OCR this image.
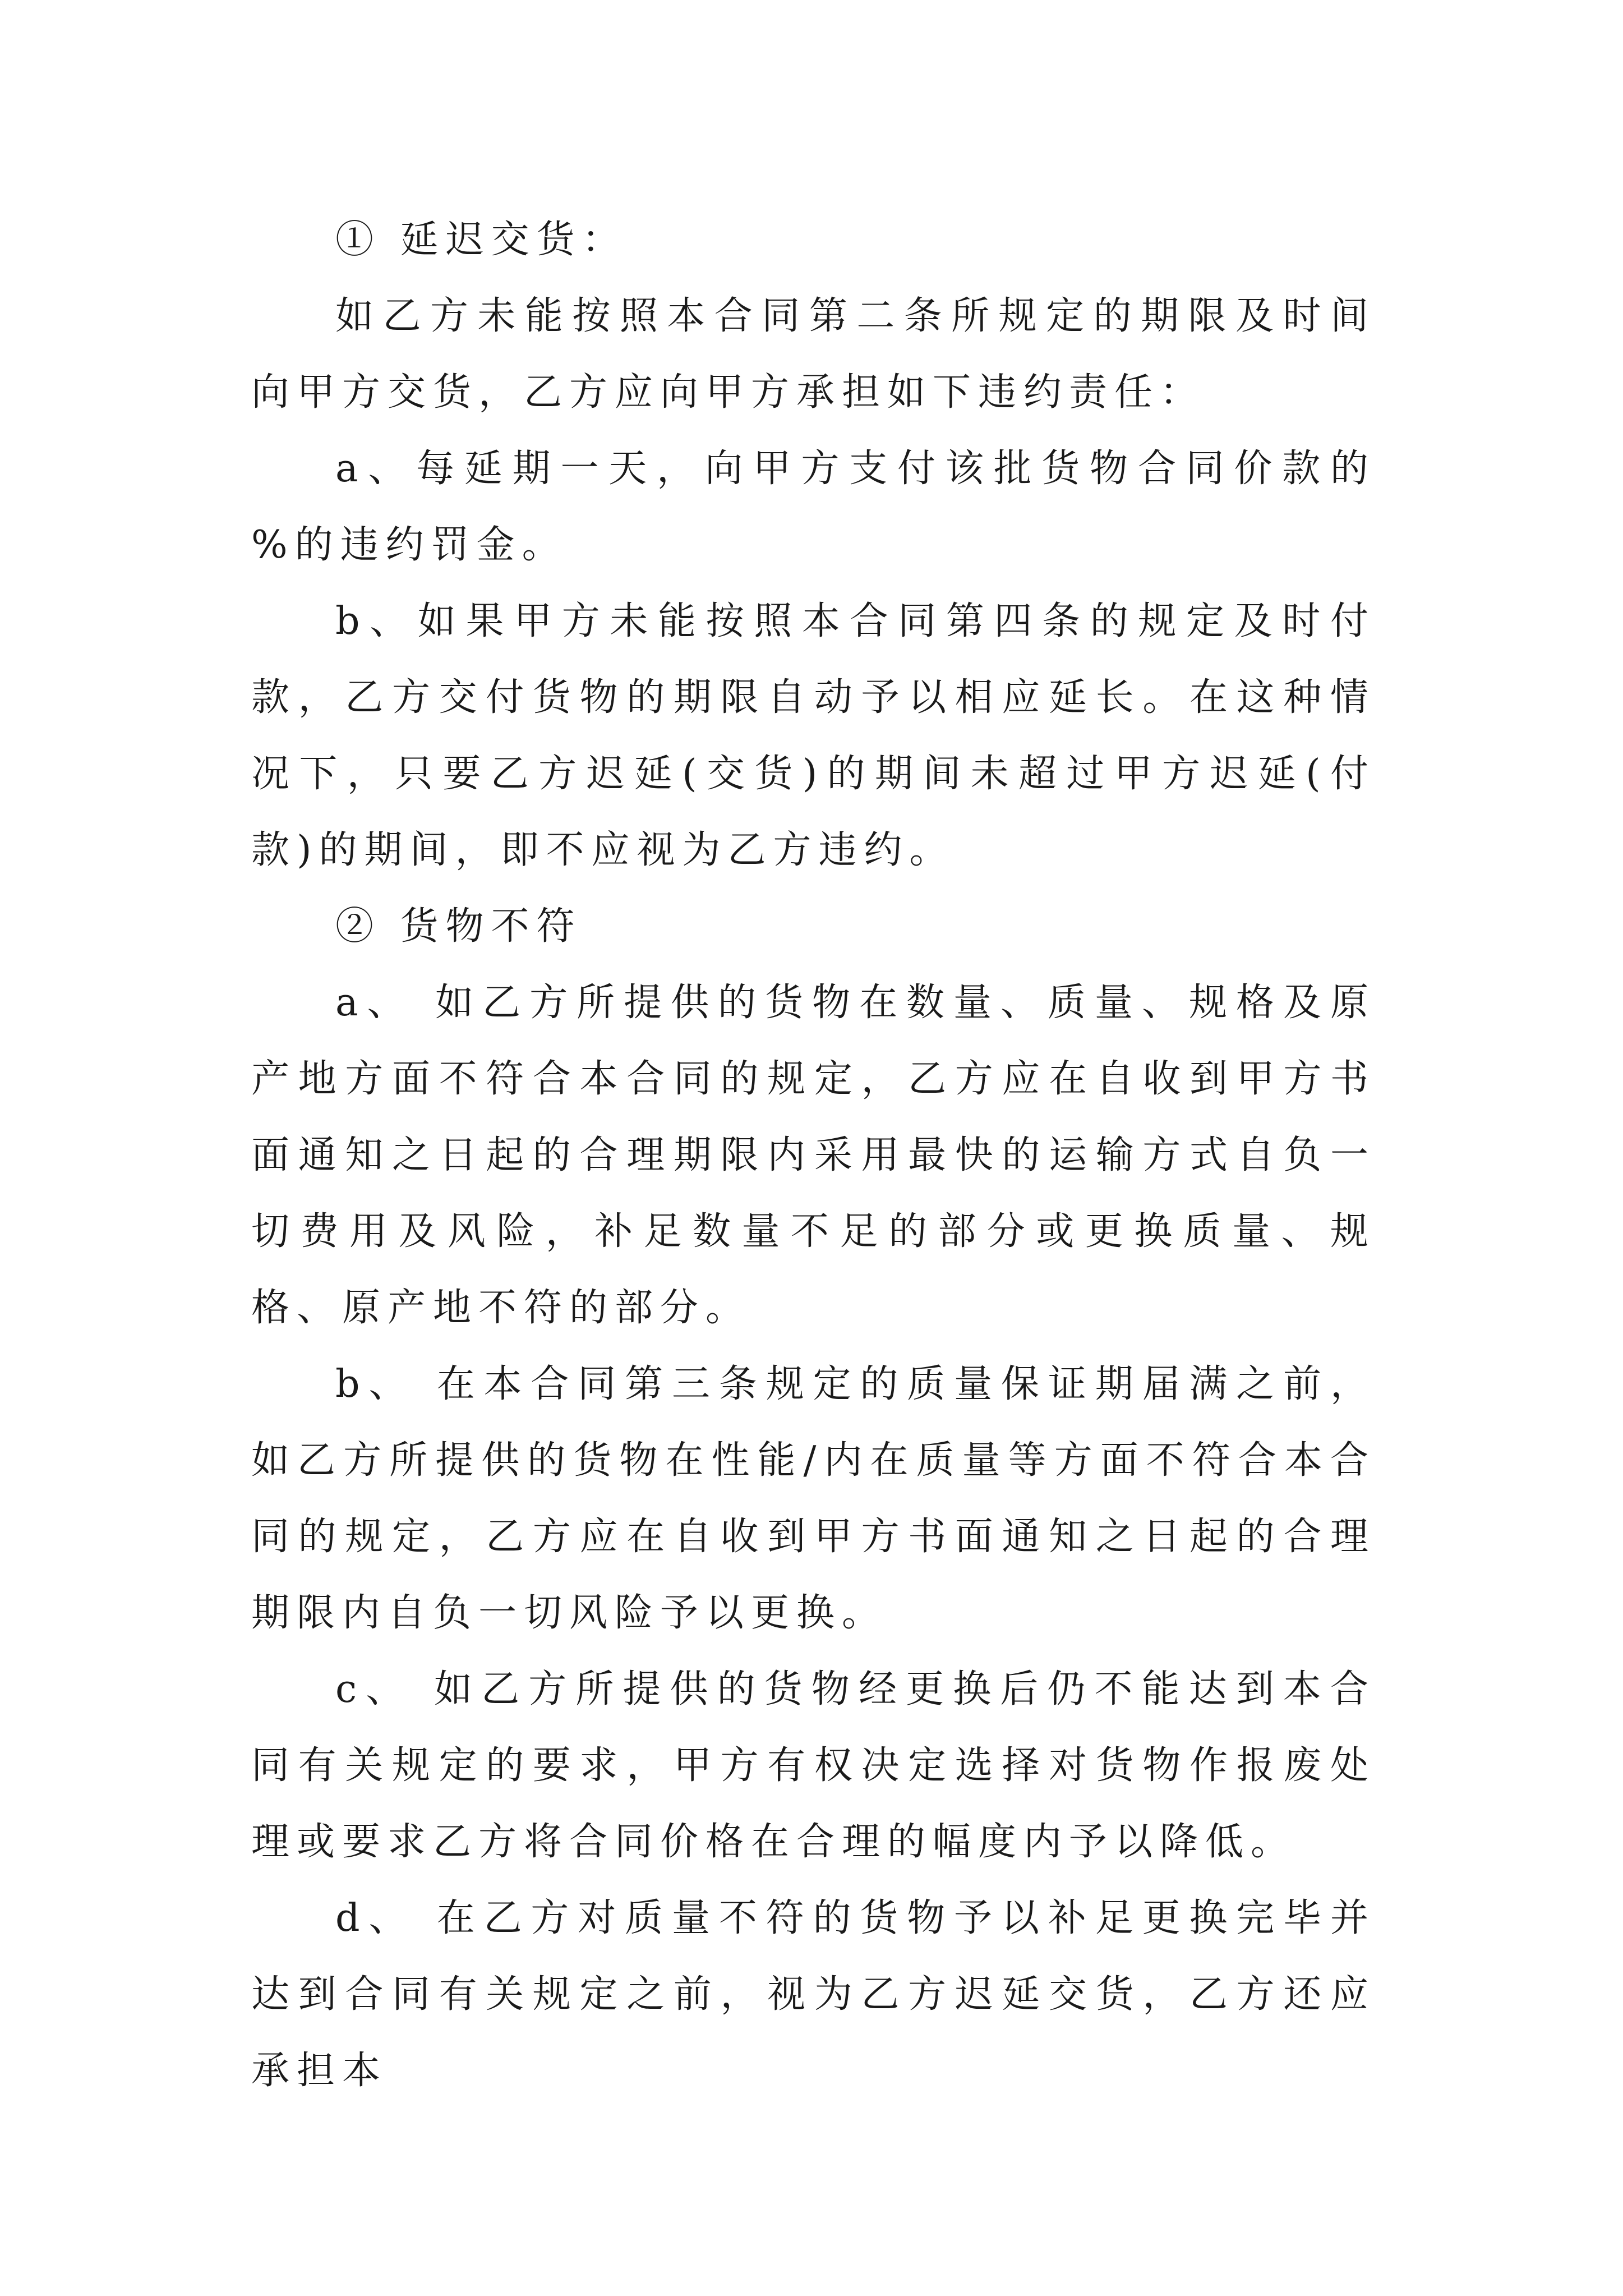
① 延迟交货：

如乙方未能按照本合同第二条所规定的期限及时间向甲方交货，乙方应向甲方承担如下违约责任：

a、每延期一天，向甲方支付该批货物合同价款的 %的违约罚金。

b、如果甲方未能按照本合同第四条的规定及时付款，乙方交付货物的期限自动予以相应延长。在这种情况下，只要乙方迟延(交货)的期间未超过甲方迟延(付款)的期间，即不应视为乙方违约。

② 货物不符

a、 如乙方所提供的货物在数量、质量、规格及原产地方面不符合本合同的规定，乙方应在自收到甲方书面通知之日起的合理期限内采用最快的运输方式自负一切费用及风险，补足数量不足的部分或更换质量、规格、原产地不符的部分。

b、 在本合同第三条规定的质量保证期届满之前，如乙方所提供的货物在性能/内在质量等方面不符合本合同的规定，乙方应在自收到甲方书面通知之日起的合理期限内自负一切风险予以更换。

c、 如乙方所提供的货物经更换后仍不能达到本合同有关规定的要求，甲方有权决定选择对货物作报废处理或要求乙方将合同价格在合理的幅度内予以降低。

d、 在乙方对质量不符的货物予以补足更换完毕并达到合同有关规定之前，视为乙方迟延交货，乙方还应承担本
